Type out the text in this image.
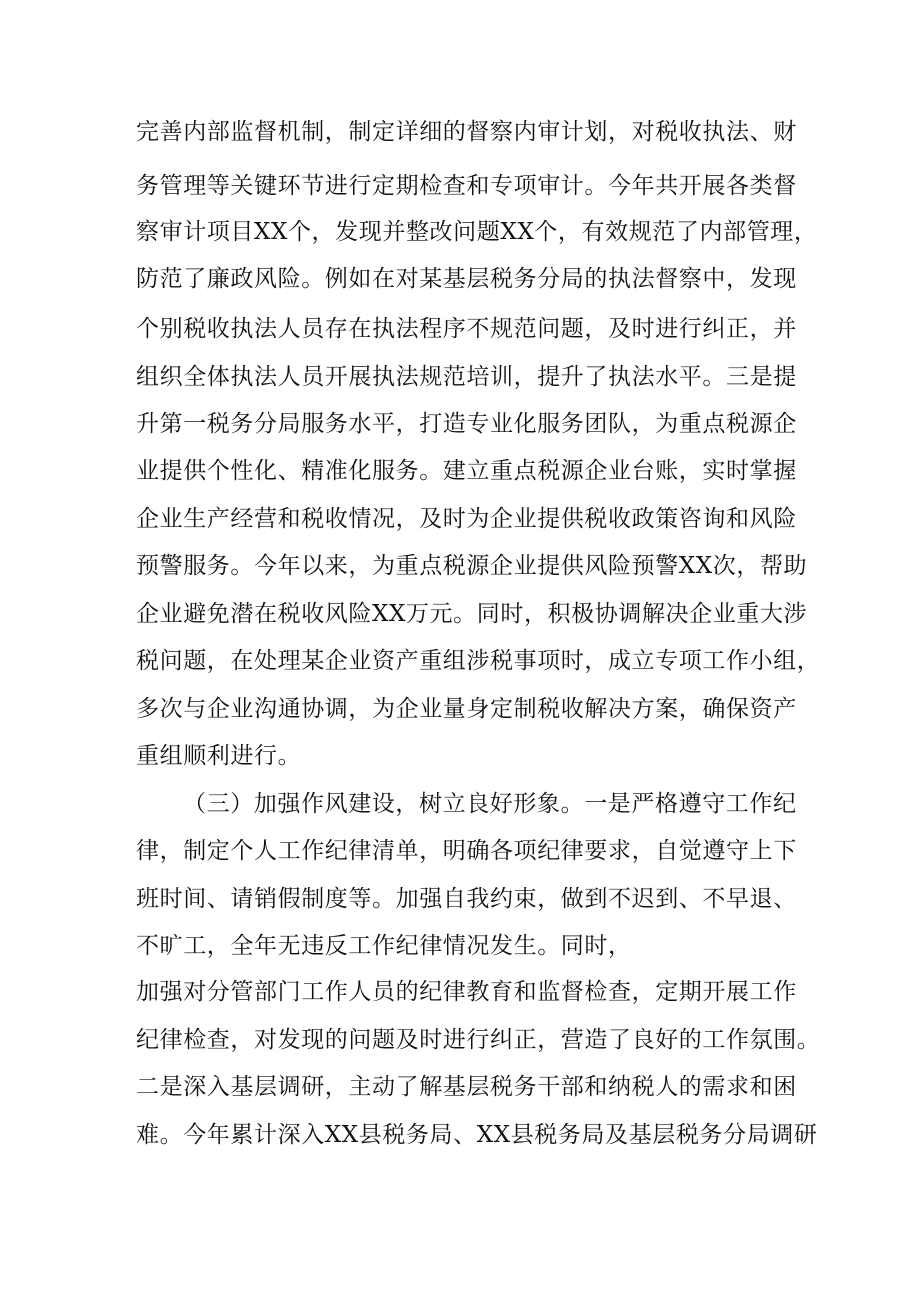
完善内部监督机制，制定详细的督察内审计划，对税收执法、财
务管理等关键环节进行定期检查和专项审计。今年共开展各类督
察审计项目XX个，发现并整改问题XX个，有效规范了内部管理，
防范了廉政风险。例如在对某基层税务分局的执法督察中，发现
个别税收执法人员存在执法程序不规范问题，及时进行纠正，并
组织全体执法人员开展执法规范培训，提升了执法水平。三是提
升第一税务分局服务水平，打造专业化服务团队，为重点税源企
业提供个性化、精准化服务。建立重点税源企业台账，实时掌握
企业生产经营和税收情况，及时为企业提供税收政策咨询和风险
预警服务。今年以来，为重点税源企业提供风险预警XX次，帮助
企业避免潜在税收风险XX万元。同时，积极协调解决企业重大涉
税问题，在处理某企业资产重组涉税事项时，成立专项工作小组，
多次与企业沟通协调，为企业量身定制税收解决方案，确保资产
重组顺利进行。
（三）加强作风建设，树立良好形象。一是严格遵守工作纪
律，制定个人工作纪律清单，明确各项纪律要求，自觉遵守上下
班时间、请销假制度等。加强自我约束，做到不迟到、不早退、
不旷工，全年无违反工作纪律情况发生。同时，
加强对分管部门工作人员的纪律教育和监督检查，定期开展工作
纪律检查，对发现的问题及时进行纠正，营造了良好的工作氛围。
二是深入基层调研，主动了解基层税务干部和纳税人的需求和困
难。今年累计深入XX县税务局、XX县税务局及基层税务分局调研
